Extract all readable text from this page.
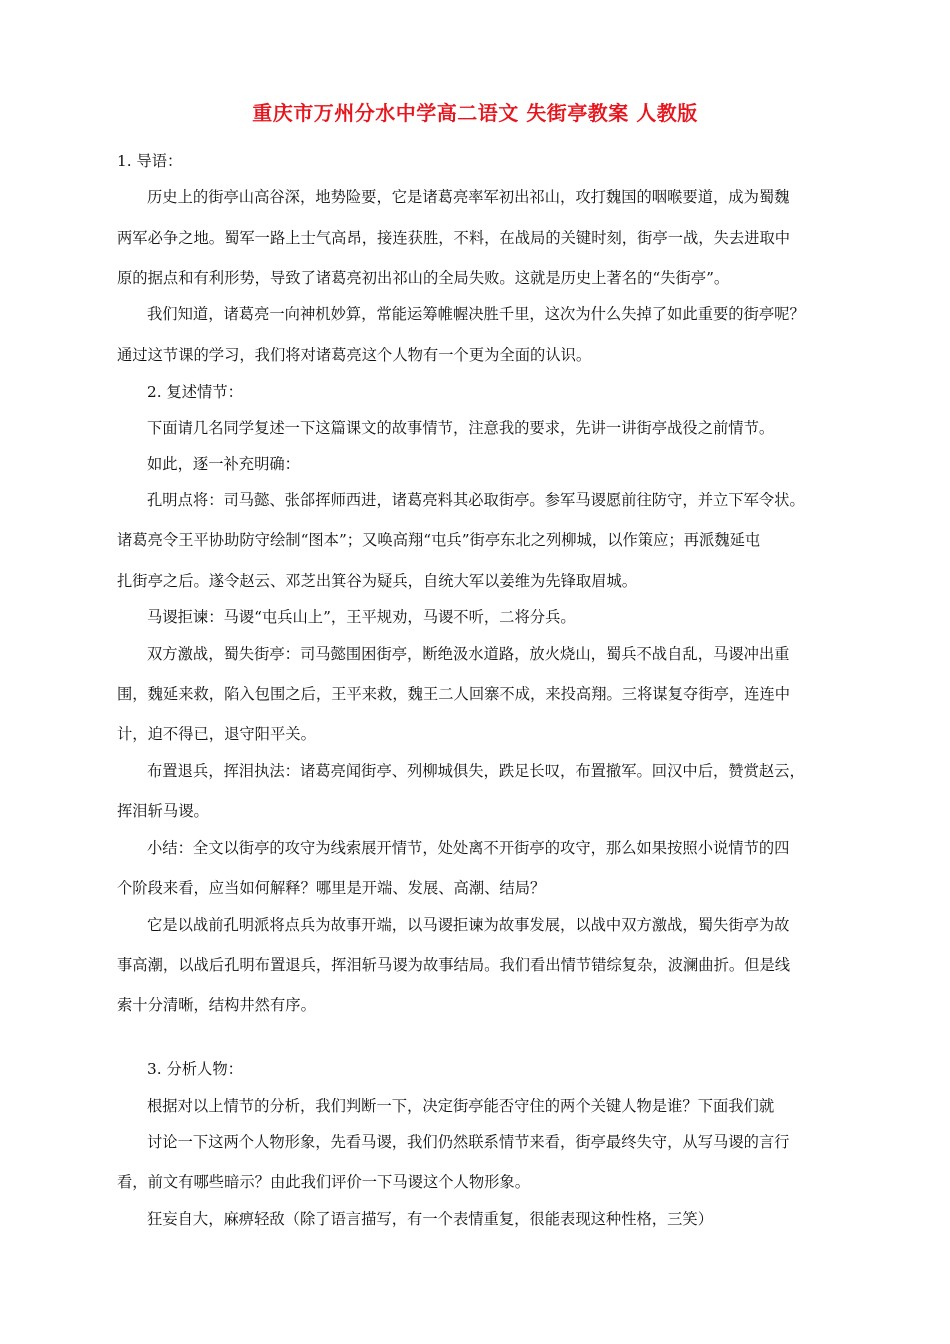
重庆市万州分水中学高二语文 失街亭教案 人教版
1. 导语：
历史上的街亭山高谷深，地势险要，它是诸葛亮率军初出祁山，攻打魏国的咽喉要道，成为蜀魏
两军必争之地。蜀军一路上士气高昂，接连获胜，不料，在战局的关键时刻，街亭一战，失去进取中
原的据点和有利形势，导致了诸葛亮初出祁山的全局失败。这就是历史上著名的“失街亭”。
我们知道，诸葛亮一向神机妙算，常能运筹帷幄决胜千里，这次为什么失掉了如此重要的街亭呢？
通过这节课的学习，我们将对诸葛亮这个人物有一个更为全面的认识。
2. 复述情节：
下面请几名同学复述一下这篇课文的故事情节，注意我的要求，先讲一讲街亭战役之前情节。
如此，逐一补充明确：
孔明点将：司马懿、张郃挥师西进，诸葛亮料其必取街亭。参军马谡愿前往防守，并立下军令状。
诸葛亮令王平协助防守绘制“图本”；又唤高翔“屯兵”街亭东北之列柳城，以作策应；再派魏延屯
扎街亭之后。遂令赵云、邓芝出箕谷为疑兵，自统大军以姜维为先锋取眉城。
马谡拒谏：马谡“屯兵山上”，王平规劝，马谡不听，二将分兵。
双方激战，蜀失街亭：司马懿围困街亭，断绝汲水道路，放火烧山，蜀兵不战自乱，马谡冲出重
围，魏延来救，陷入包围之后，王平来救，魏王二人回寨不成，来投高翔。三将谋复夺街亭，连连中
计，迫不得已，退守阳平关。
布置退兵，挥泪执法：诸葛亮闻街亭、列柳城俱失，跌足长叹，布置撤军。回汉中后，赞赏赵云，
挥泪斩马谡。
小结：全文以街亭的攻守为线索展开情节，处处离不开街亭的攻守，那么如果按照小说情节的四
个阶段来看，应当如何解释？哪里是开端、发展、高潮、结局？
它是以战前孔明派将点兵为故事开端，以马谡拒谏为故事发展，以战中双方激战，蜀失街亭为故
事高潮，以战后孔明布置退兵，挥泪斩马谡为故事结局。我们看出情节错综复杂，波澜曲折。但是线
索十分清晰，结构井然有序。
3. 分析人物：
根据对以上情节的分析，我们判断一下，决定街亭能否守住的两个关键人物是谁？下面我们就
讨论一下这两个人物形象，先看马谡，我们仍然联系情节来看，街亭最终失守，从写马谡的言行
看，前文有哪些暗示？由此我们评价一下马谡这个人物形象。
狂妄自大，麻痹轻敌（除了语言描写，有一个表情重复，很能表现这种性格，三笑）
